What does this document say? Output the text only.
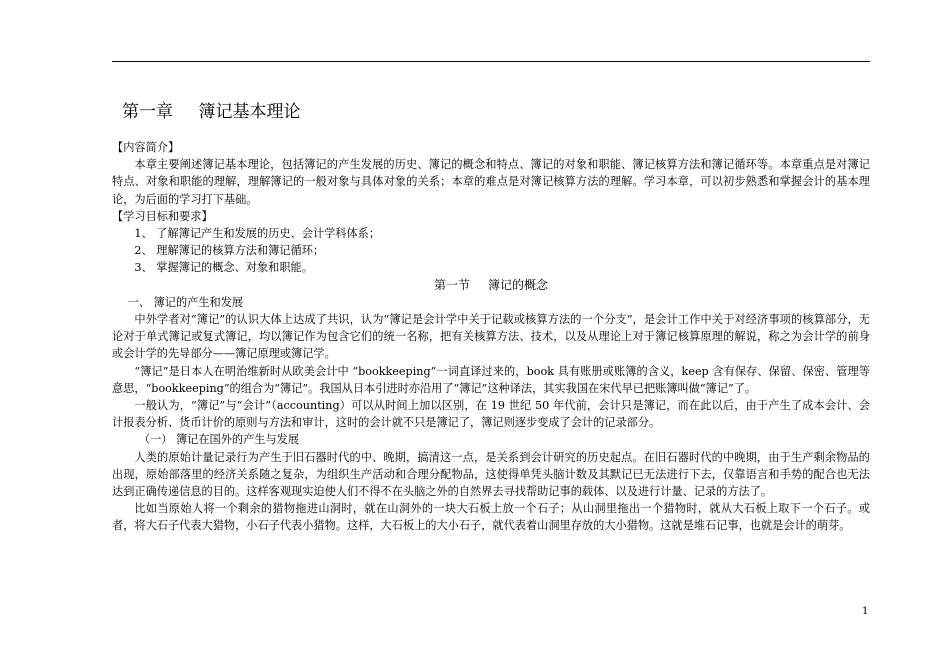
第一章 簿记基本理论

【内容简介】

本章主要阐述簿记基本理论，包括簿记的产生发展的历史、簿记的概念和特点、簿记的对象和职能、簿记核算方法和簿记循环等。本章重点是对簿记特点、对象和职能的理解，理解簿记的一般对象与具体对象的关系；本章的难点是对簿记核算方法的理解。学习本章，可以初步熟悉和掌握会计的基本理论，为后面的学习打下基础。

【学习目标和要求】

1、 了解簿记产生和发展的历史、会计学科体系；

2、 理解簿记的核算方法和簿记循环；

3、 掌握簿记的概念、对象和职能。

第一节 簿记的概念

一、 簿记的产生和发展

中外学者对“簿记”的认识大体上达成了共识，认为“簿记是会计学中关于记载或核算方法的一个分支”，是会计工作中关于对经济事项的核算部分，无论对于单式簿记或复式簿记，均以簿记作为包含它们的统一名称，把有关核算方法、技术，以及从理论上对于簿记核算原理的解说，称之为会计学的前身或会计学的先导部分——簿记原理或簿记学。

“簿记”是日本人在明治维新时从欧美会计中 “bookkeeping”一词直译过来的，book 具有账册或账簿的含义，keep 含有保存、保留、保密、管理等意思，“bookkeeping”的组合为“簿记”。我国从日本引进时亦沿用了“簿记”这种译法，其实我国在宋代早已把账簿叫做“簿记”了。

一般认为，“簿记”与“会计”（accounting）可以从时间上加以区别，在 19 世纪 50 年代前，会计只是簿记，而在此以后，由于产生了成本会计、会计报表分析、货币计价的原则与方法和审计，这时的会计就不只是簿记了，簿记则逐步变成了会计的记录部分。

（一） 簿记在国外的产生与发展

人类的原始计量记录行为产生于旧石器时代的中、晚期，搞清这一点，是关系到会计研究的历史起点。在旧石器时代的中晚期，由于生产剩余物品的出现，原始部落里的经济关系随之复杂，为组织生产活动和合理分配物品，这使得单凭头脑计数及其默记已无法进行下去，仅靠语言和手势的配合也无法达到正确传递信息的目的。这样客观现实迫使人们不得不在头脑之外的自然界去寻找帮助记事的载体、以及进行计量、记录的方法了。

比如当原始人将一个剩余的猎物拖进山洞时，就在山洞外的一块大石板上放一个石子；从山洞里拖出一个猎物时，就从大石板上取下一个石子。或者，将大石子代表大猎物，小石子代表小猎物。这样，大石板上的大小石子，就代表着山洞里存放的大小猎物。这就是堆石记事，也就是会计的萌芽。

1
